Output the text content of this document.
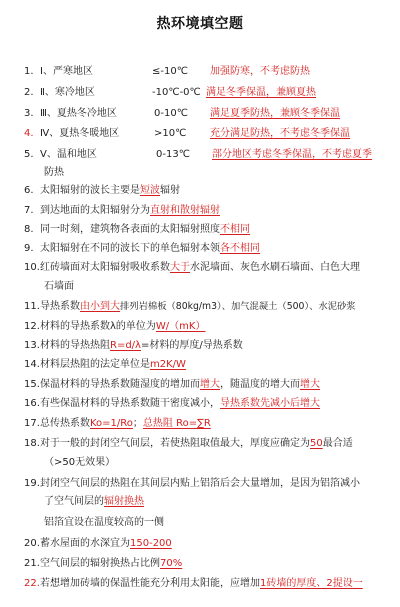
热环境填空题
1. Ⅰ、严寒地区	≤-10℃ 加强防寒，不考虑防热
2. Ⅱ、寒冷地区	-10℃-0℃ 满足冬季保温，兼顾夏热
3. Ⅲ、夏热冬冷地区	0-10℃ 满足夏季防热，兼顾冬季保温
4. Ⅳ、夏热冬暖地区	>10℃ 充分满足防热，不考虑冬季保温
5. Ⅴ、温和地区	0-13℃ 部分地区考虑冬季保温，不考虑夏季
防热
6. 太阳辐射的波长主要是短波辐射
7. 到达地面的太阳辐射分为直射和散射辐射
8. 同一时刻，建筑物各表面的太阳辐射照度不相同
9. 太阳辐射在不同的波长下的单色辐射本领各不相同
10.红砖墙面对太阳辐射吸收系数大于水泥墙面、灰色水刷石墙面、白色大理
石墙面
11.导热系数由小到大排列岩棉板（80kg/m3）、加气混凝土（500）、水泥砂浆
12.材料的导热系数λ的单位为W/（mK）
13.材料的导热热阻R=d/λ=材料的厚度/导热系数
14.材料层热阻的法定单位是m2K/W
15.保温材料的导热系数随湿度的增加而增大，随温度的增大而增大
16.有些保温材料的导热系数随干密度减小，导热系数先减小后增大
17.总传热系数Ko=1/Ro；总热阻 Ro=∑R
18.对于一般的封闭空气间层，若使热阻取值最大，厚度应确定为50最合适
（>50无效果）
19.封闭空气间层的热阻在其间层内贴上铝箔后会大量增加，是因为铝箔减小
了空气间层的辐射换热
铝箔宜设在温度较高的一侧
20.蓄水屋面的水深宜为150-200
21.空气间层的辐射换热占比例70%
22.若想增加砖墙的保温性能充分利用太阳能，应增加1砖墙的厚度、2提设一
